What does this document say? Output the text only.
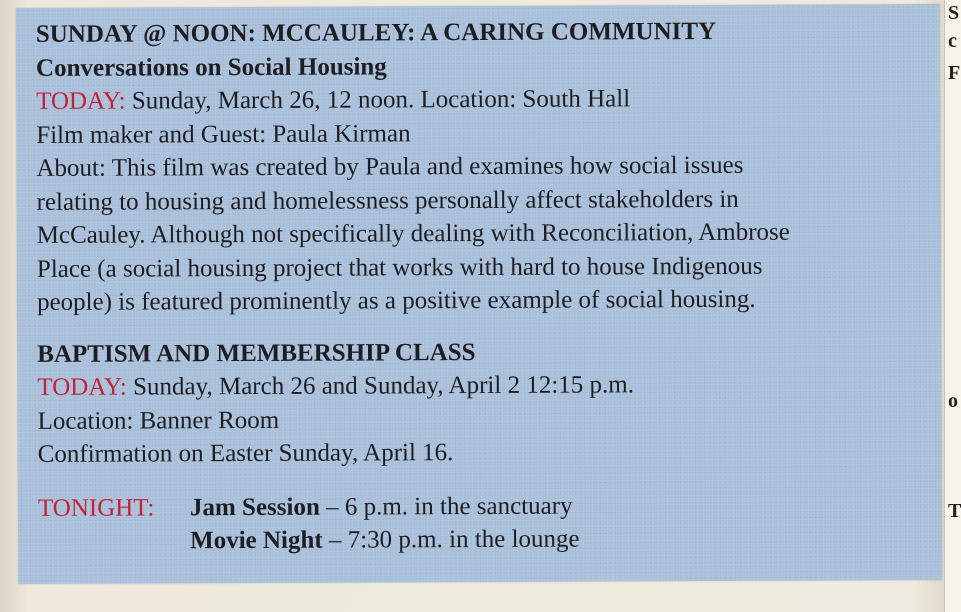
S
c
F
o
T
SUNDAY @ NOON: MCCAULEY: A CARING COMMUNITY
Conversations on Social Housing
TODAY: Sunday, March 26, 12 noon. Location: South Hall
Film maker and Guest: Paula Kirman
About: This film was created by Paula and examines how social issues
relating to housing and homelessness personally affect stakeholders in
McCauley. Although not specifically dealing with Reconciliation, Ambrose
Place (a social housing project that works with hard to house Indigenous
people) is featured prominently as a positive example of social housing.
BAPTISM AND MEMBERSHIP CLASS
TODAY: Sunday, March 26 and Sunday, April 2 12:15 p.m.
Location: Banner Room
Confirmation on Easter Sunday, April 16.
TONIGHT:	Jam Session – 6 p.m. in the sanctuary
Movie Night – 7:30 p.m. in the lounge
